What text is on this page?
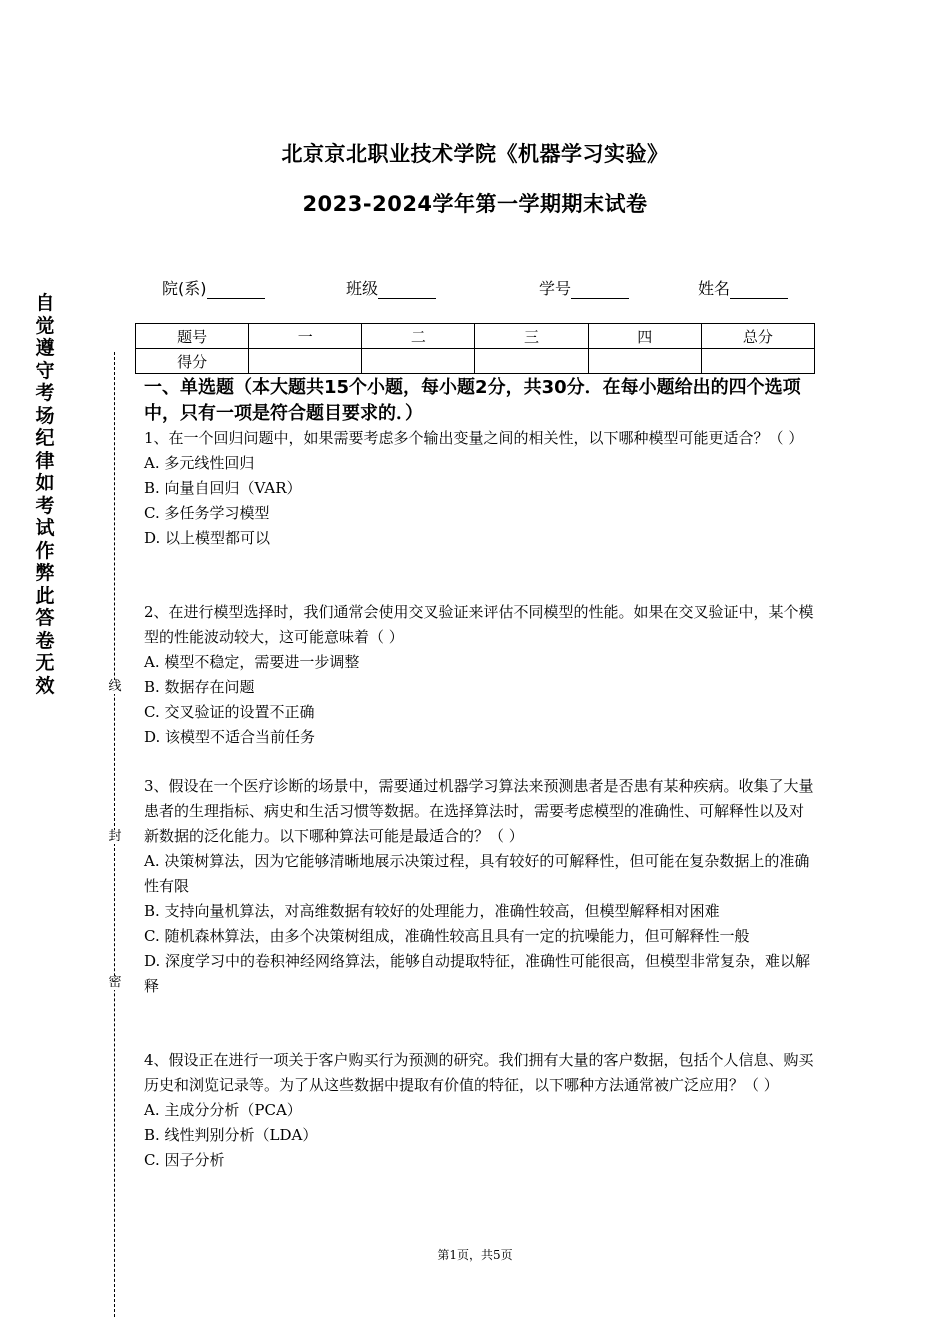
北京京北职业技术学院《机器学习实验》
2023-2024学年第一学期期末试卷
院(系)	班级	学号	姓名
自觉遵守考场纪律如考试作弊此答卷无效	线
封
密
题号	一	二	三	四	总分
得分					
一、单选题（本大题共15个小题，每小题2分，共30分．在每小题给出的四个选项中，只有一项是符合题目要求的．）

1、在一个回归问题中，如果需要考虑多个输出变量之间的相关性，以下哪种模型可能更适合？（ ）

A. 多元线性回归

B. 向量自回归（VAR）

C. 多任务学习模型

D. 以上模型都可以

2、在进行模型选择时，我们通常会使用交叉验证来评估不同模型的性能。如果在交叉验证中，某个模型的性能波动较大，这可能意味着（ ）

A. 模型不稳定，需要进一步调整

B. 数据存在问题

C. 交叉验证的设置不正确

D. 该模型不适合当前任务

3、假设在一个医疗诊断的场景中，需要通过机器学习算法来预测患者是否患有某种疾病。收集了大量患者的生理指标、病史和生活习惯等数据。在选择算法时，需要考虑模型的准确性、可解释性以及对新数据的泛化能力。以下哪种算法可能是最适合的？（ ）

A. 决策树算法，因为它能够清晰地展示决策过程，具有较好的可解释性，但可能在复杂数据上的准确性有限

B. 支持向量机算法，对高维数据有较好的处理能力，准确性较高，但模型解释相对困难

C. 随机森林算法，由多个决策树组成，准确性较高且具有一定的抗噪能力，但可解释性一般

D. 深度学习中的卷积神经网络算法，能够自动提取特征，准确性可能很高，但模型非常复杂，难以解释

4、假设正在进行一项关于客户购买行为预测的研究。我们拥有大量的客户数据，包括个人信息、购买历史和浏览记录等。为了从这些数据中提取有价值的特征，以下哪种方法通常被广泛应用？（ ）

A. 主成分分析（PCA）

B. 线性判别分析（LDA）

C. 因子分析

第1页，共5页
